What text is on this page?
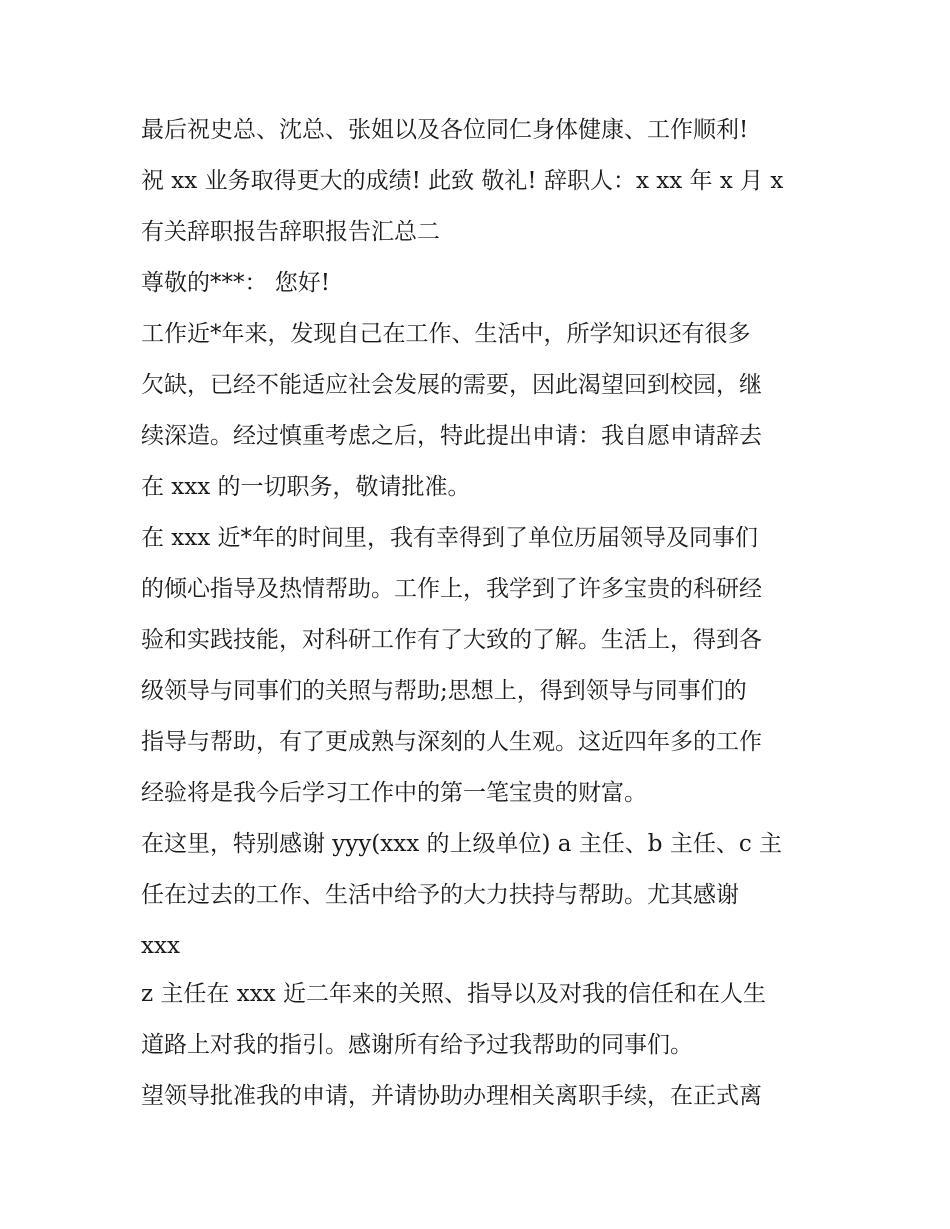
最后祝史总、沈总、张姐以及各位同仁身体健康、工作顺利!
祝 xx 业务取得更大的成绩! 此致 敬礼! 辞职人：x xx 年 x 月 x
有关辞职报告辞职报告汇总二
尊敬的***： 您好!
工作近*年来，发现自己在工作、生活中，所学知识还有很多
欠缺，已经不能适应社会发展的需要，因此渴望回到校园，继
续深造。经过慎重考虑之后，特此提出申请：我自愿申请辞去
在 xxx 的一切职务，敬请批准。
在 xxx 近*年的时间里，我有幸得到了单位历届领导及同事们
的倾心指导及热情帮助。工作上，我学到了许多宝贵的科研经
验和实践技能，对科研工作有了大致的了解。生活上，得到各
级领导与同事们的关照与帮助;思想上，得到领导与同事们的
指导与帮助，有了更成熟与深刻的人生观。这近四年多的工作
经验将是我今后学习工作中的第一笔宝贵的财富。
在这里，特别感谢 yyy(xxx 的上级单位) a 主任、b 主任、c 主
任在过去的工作、生活中给予的大力扶持与帮助。尤其感谢
xxx
z 主任在 xxx 近二年来的关照、指导以及对我的信任和在人生
道路上对我的指引。感谢所有给予过我帮助的同事们。
望领导批准我的申请，并请协助办理相关离职手续，在正式离
